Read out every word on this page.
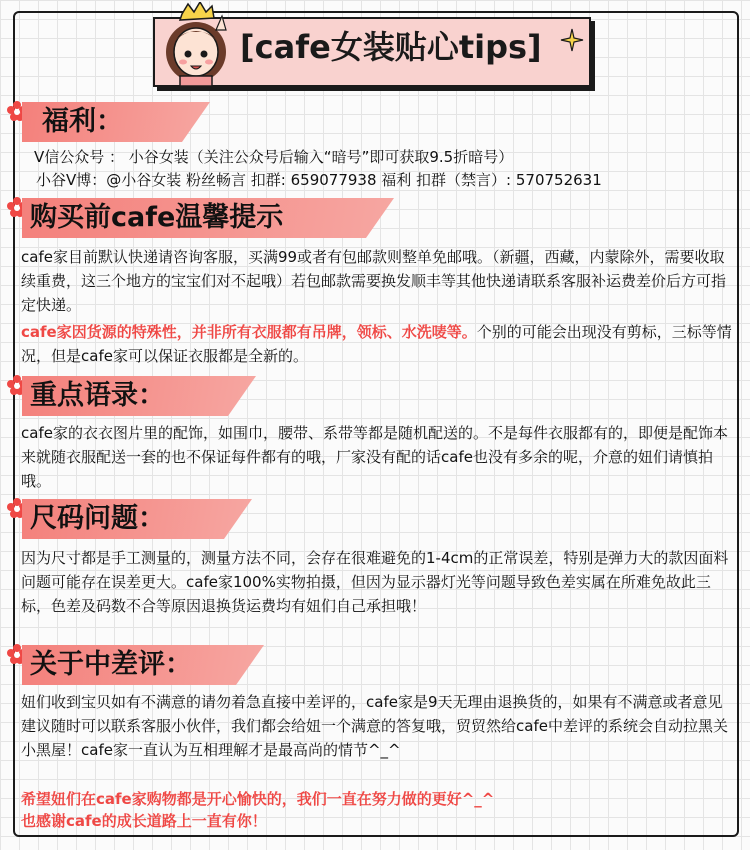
[cafe女装贴心tips]
福利：
V信公众号 ： 小谷女装（关注公众号后输入“暗号”即可获取9.5折暗号）
小谷V博：@小谷女装 粉丝畅言 扣群: 659077938 福利 扣群（禁言）: 570752631
购买前cafe温馨提示
cafe家目前默认快递请咨询客服，买满99或者有包邮款则整单免邮哦。（新疆，西藏，内蒙除外，需要收取续重费，这三个地方的宝宝们对不起哦）若包邮款需要换发顺丰等其他快递请联系客服补运费差价后方可指定快递。
cafe家因货源的特殊性，并非所有衣服都有吊牌，领标、水洗唛等。个别的可能会出现没有剪标，三标等情况，但是cafe家可以保证衣服都是全新的。
重点语录：
cafe家的衣衣图片里的配饰，如围巾，腰带、系带等都是随机配送的。不是每件衣服都有的，即便是配饰本来就随衣服配送一套的也不保证每件都有的哦，厂家没有配的话cafe也没有多余的呢，介意的妞们请慎拍哦。
尺码问题：
因为尺寸都是手工测量的，测量方法不同，会存在很难避免的1-4cm的正常误差，特别是弹力大的款因面料问题可能存在误差更大。cafe家100%实物拍摄，但因为显示器灯光等问题导致色差实属在所难免故此三标，色差及码数不合等原因退换货运费均有妞们自己承担哦！
关于中差评：
妞们收到宝贝如有不满意的请勿着急直接中差评的，cafe家是9天无理由退换货的，如果有不满意或者意见建议随时可以联系客服小伙伴，我们都会给妞一个满意的答复哦，贸贸然给cafe中差评的系统会自动拉黑关小黑屋！cafe家一直认为互相理解才是最高尚的情节^_^
希望妞们在cafe家购物都是开心愉快的，我们一直在努力做的更好^_^
也感谢cafe的成长道路上一直有你！
